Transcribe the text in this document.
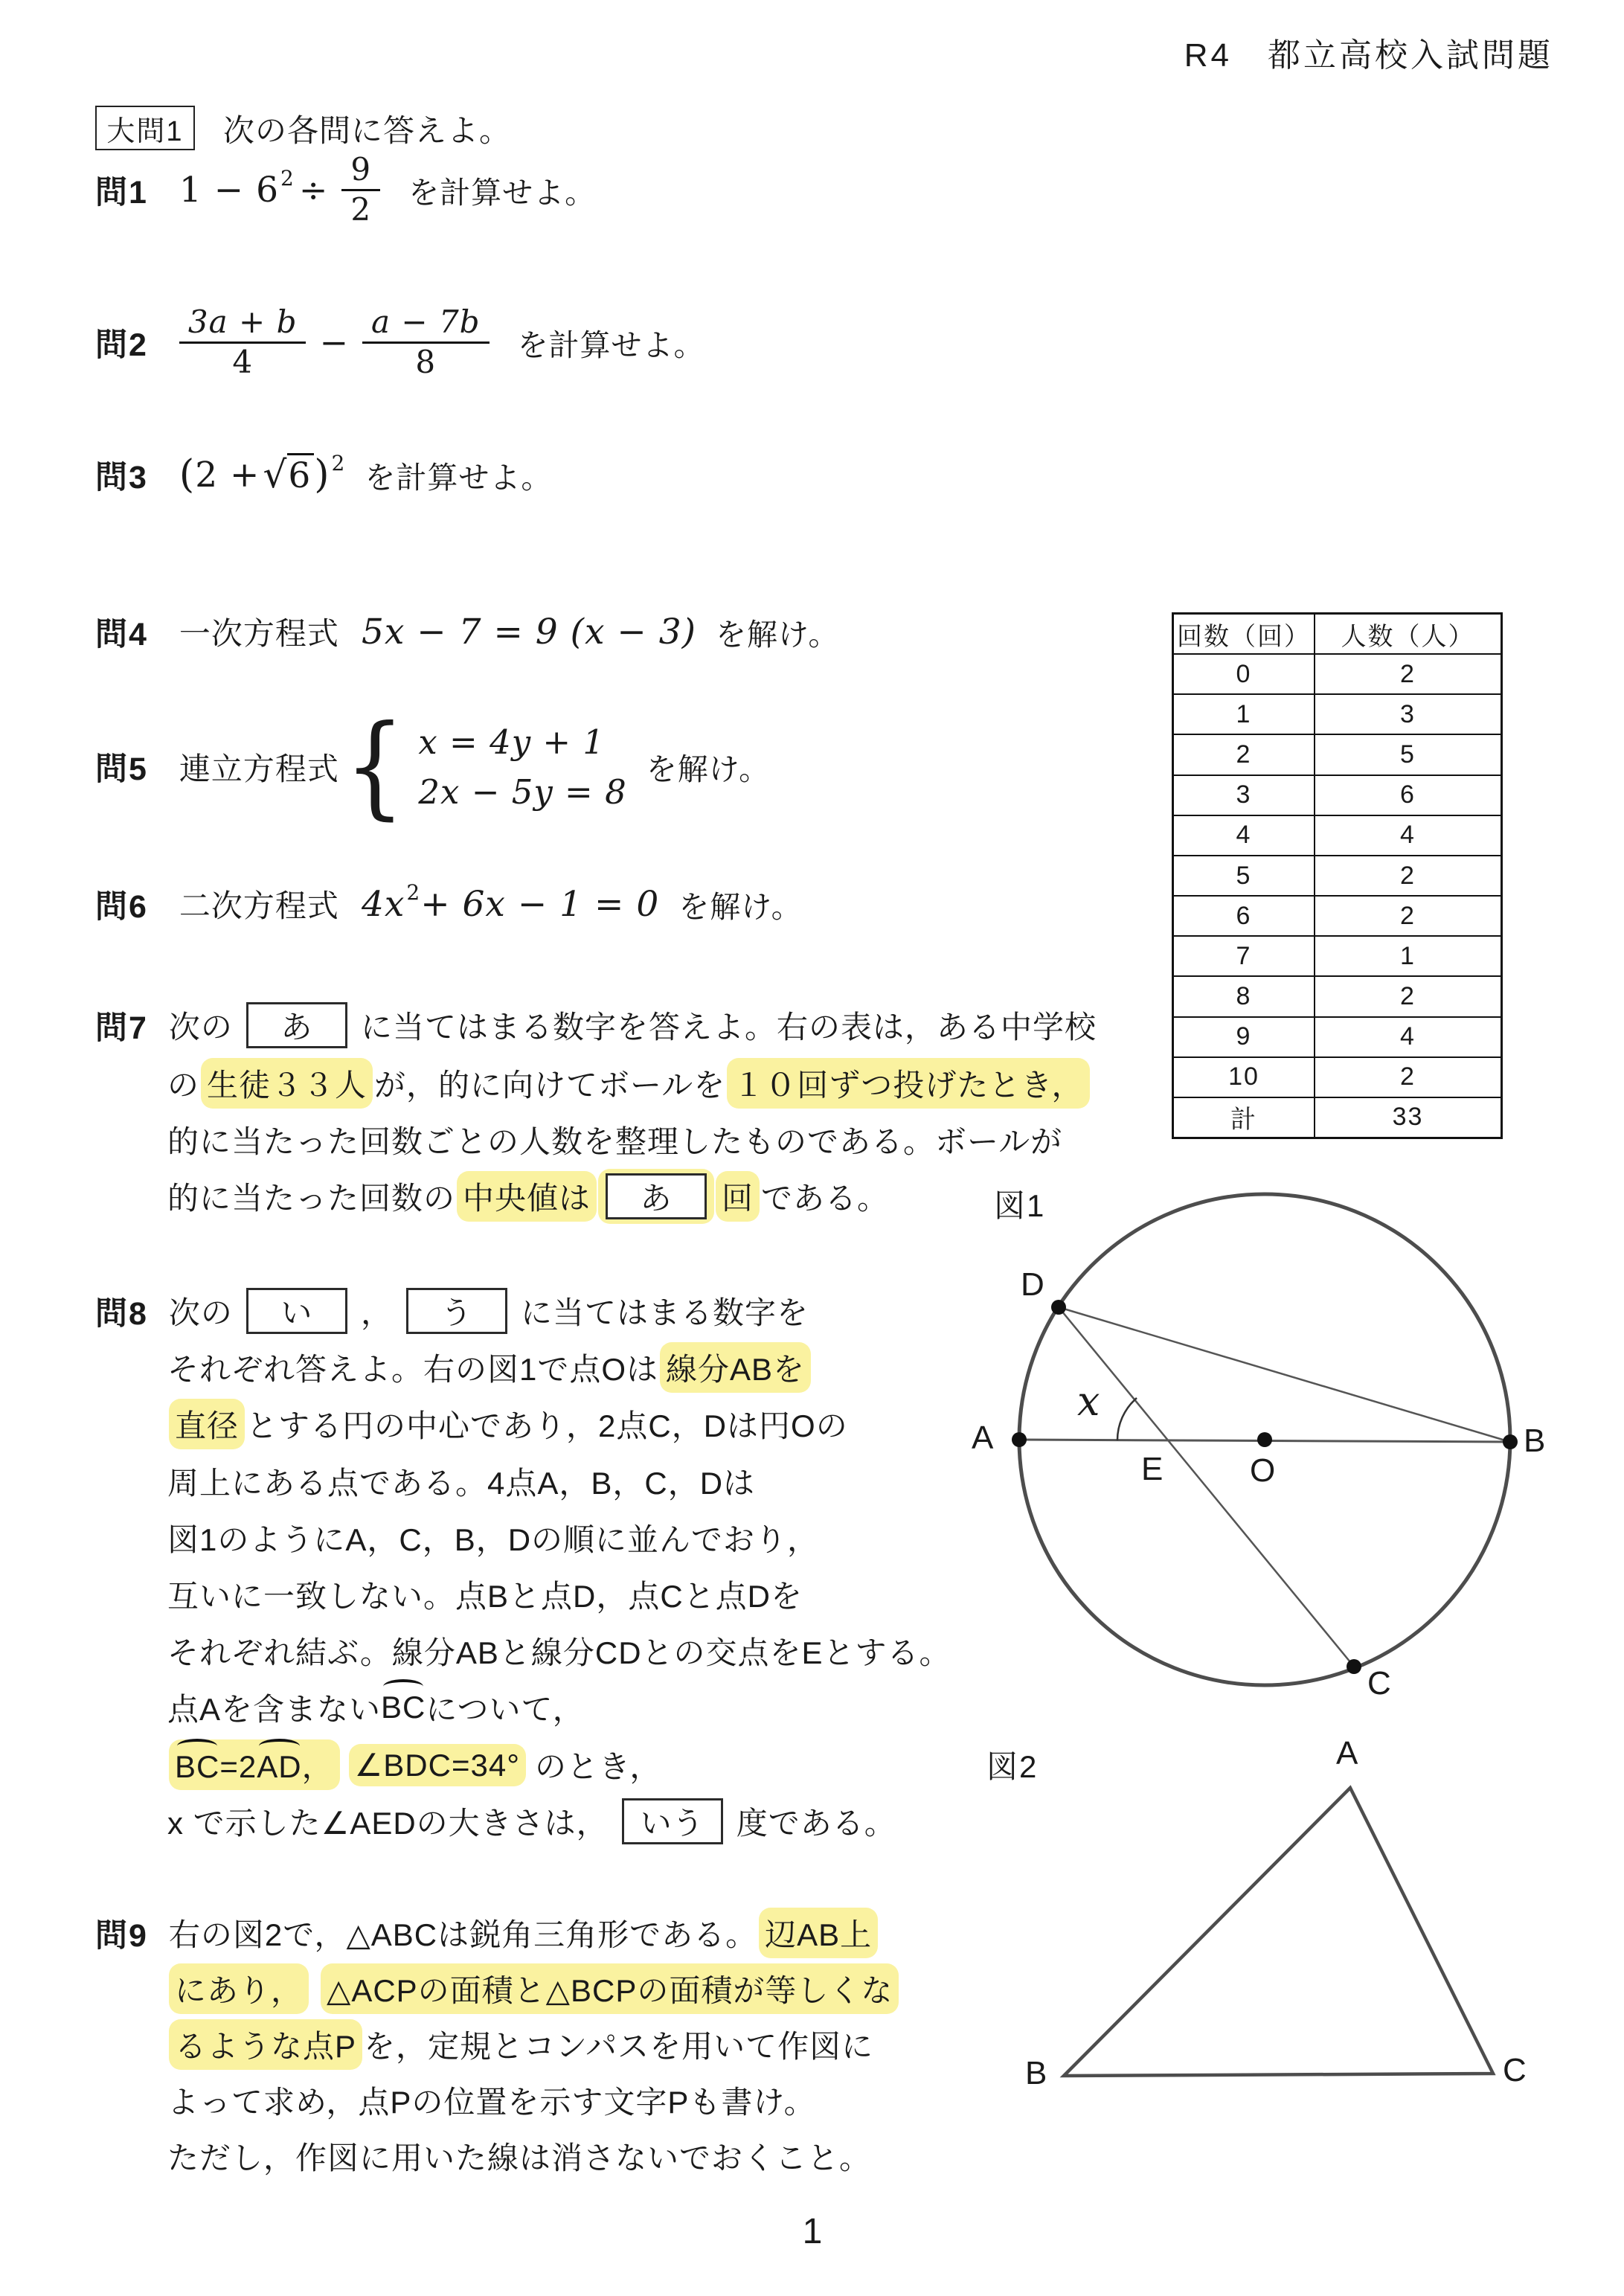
R4　都立高校入試問題
大問1 次の各問に答えよ。
問1 1 − 6 $2 \div \frac{9}{2}$ を計算せよ。
問$2 \frac{3a + b}{4} - \frac{a - 7b}{8}$ を計算せよ。
問3 ( 2 + √ 6 ) 2 を計算せよ。
問4 一次方程式 5x − 7 = 9 (x − 3) を解け。
問5 連立方程式 { x = 4y + 1
2x − 5y = 8
を解け。
問6 二次方程式 4x 2 + 6x − 1 = 0 を解け。
問7 次の あ に当てはまる数字を答えよ。右の表は，ある中学校
の 生徒３３人 が，的に向けてボールを １０回ずつ投げたとき，
的に当たった回数ごとの人数を整理したものである。ボールが
的に当たった回数の 中央値は あ 回 である。
回数（回）	人数（人）
0	2
1	3
2	5
3	6
4	4
5	2
6	2
7	1
8	2
9	4
10	2
計	33
問8 次の い ， う に当てはまる数字を
それぞれ答えよ。右の図1で点Oは 線分ABを
直径 とする円の中心であり，2点C，Dは円Oの
周上にある点である。4点A，B，C，Dは
図1のようにA，C，B，Dの順に並んでおり，
互いに一致しない。点Bと点D，点Cと点Dを
それぞれ結ぶ。線分ABと線分CDとの交点をEとする。
点Aを含まない BC について，
BC=2AD， ∠BDC=34° のとき，
x で示した∠AEDの大きさは， いう 度である。
問9 右の図2で，△ABCは鋭角三角形である。 辺AB上
にあり， △ACPの面積と△BCPの面積が等しくな
るような点P を，定規とコンパスを用いて作図に
よって求め，点Pの位置を示す文字Pも書け。
ただし，作図に用いた線は消さないでおくこと。
図1
A	B
C
D
E	O
x
図2	A
B	C
1
